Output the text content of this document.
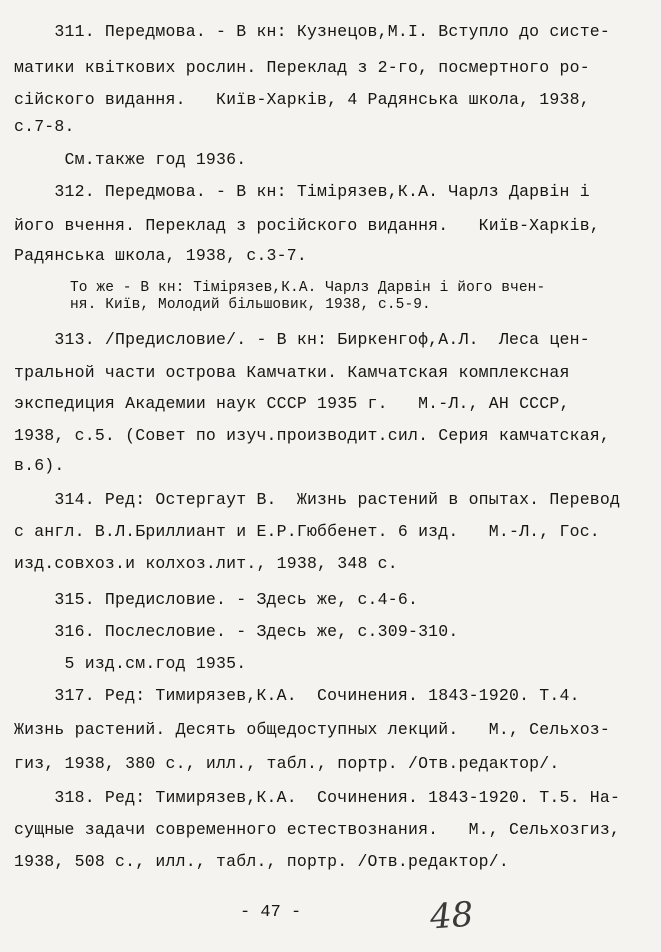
311. Передмова. - В кн: Кузнецов,М.І. Вступло до систе-
матики квіткових рослин. Переклад з 2-го, посмертного ро-
сійского видання.   Київ-Харків, 4 Радянська школа, 1938,
с.7-8.
См.также год 1936.
312. Передмова. - В кн: Тімірязев,К.А. Чарлз Дарвін і
його вчення. Переклад з російского видання.   Київ-Харків,
Радянська школа, 1938, с.3-7.
То же - В кн: Тімірязев,К.А. Чарлз Дарвін і його вчен-
ня. Київ, Молодий більшовик, 1938, с.5-9.
313. /Предисловие/. - В кн: Биркенгоф,А.Л.  Леса цен-
тральной части острова Камчатки. Камчатская комплексная
экспедиция Академии наук СССР 1935 г.   М.-Л., АН СССР,
1938, с.5. (Совет по изуч.производит.сил. Серия камчатская,
в.6).
314. Ред: Остергаут В.  Жизнь растений в опытах. Перевод
с англ. В.Л.Бриллиант и Е.Р.Гюббенет. 6 изд.   М.-Л., Гос.
изд.совхоз.и колхоз.лит., 1938, 348 с.
315. Предисловие. - Здесь же, с.4-6.
316. Послесловие. - Здесь же, с.309-310.
5 изд.см.год 1935.
317. Ред: Тимирязев,К.А.  Сочинения. 1843-1920. Т.4.
Жизнь растений. Десять общедоступных лекций.   М., Сельхоз-
гиз, 1938, 380 с., илл., табл., портр. /Отв.редактор/.
318. Ред: Тимирязев,К.А.  Сочинения. 1843-1920. Т.5. На-
сущные задачи современного естествознания.   М., Сельхозгиз,
1938, 508 с., илл., табл., портр. /Отв.редактор/.
- 47 -	48
